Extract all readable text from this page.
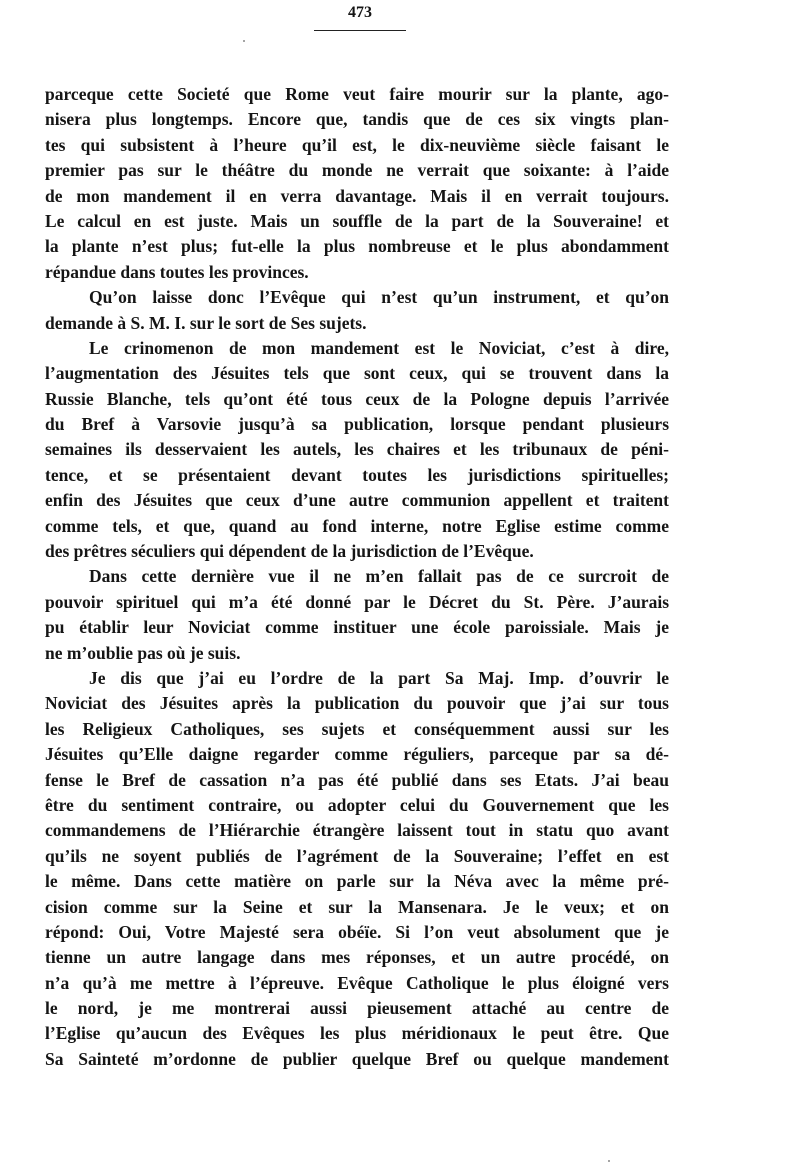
473
parceque cette Societé que Rome veut faire mourir sur la plante, ago-
nisera plus longtemps. Encore que, tandis que de ces six vingts plan-
tes qui subsistent à l’heure qu’il est, le dix-neuvième siècle faisant le
premier pas sur le théâtre du monde ne verrait que soixante: à l’aide
de mon mandement il en verra davantage. Mais il en verrait toujours.
Le calcul en est juste. Mais un souffle de la part de la Souveraine! et
la plante n’est plus; fut-elle la plus nombreuse et le plus abondamment
répandue dans toutes les provinces.
Qu’on laisse donc l’Evêque qui n’est qu’un instrument, et qu’on
demande à S. M. I. sur le sort de Ses sujets.
Le crinomenon de mon mandement est le Noviciat, c’est à dire,
l’augmentation des Jésuites tels que sont ceux, qui se trouvent dans la
Russie Blanche, tels qu’ont été tous ceux de la Pologne depuis l’arrivée
du Bref à Varsovie jusqu’à sa publication, lorsque pendant plusieurs
semaines ils desservaient les autels, les chaires et les tribunaux de péni-
tence, et se présentaient devant toutes les jurisdictions spirituelles;
enfin des Jésuites que ceux d’une autre communion appellent et traitent
comme tels, et que, quand au fond interne, notre Eglise estime comme
des prêtres séculiers qui dépendent de la jurisdiction de l’Evêque.
Dans cette dernière vue il ne m’en fallait pas de ce surcroit de
pouvoir spirituel qui m’a été donné par le Décret du St. Père. J’aurais
pu établir leur Noviciat comme instituer une école paroissiale. Mais je
ne m’oublie pas où je suis.
Je dis que j’ai eu l’ordre de la part Sa Maj. Imp. d’ouvrir le
Noviciat des Jésuites après la publication du pouvoir que j’ai sur tous
les Religieux Catholiques, ses sujets et conséquemment aussi sur les
Jésuites qu’Elle daigne regarder comme réguliers, parceque par sa dé-
fense le Bref de cassation n’a pas été publié dans ses Etats. J’ai beau
être du sentiment contraire, ou adopter celui du Gouvernement que les
commandemens de l’Hiérarchie étrangère laissent tout in statu quo avant
qu’ils ne soyent publiés de l’agrément de la Souveraine; l’effet en est
le même. Dans cette matière on parle sur la Néva avec la même pré-
cision comme sur la Seine et sur la Mansenara. Je le veux; et on
répond: Oui, Votre Majesté sera obéïe. Si l’on veut absolument que je
tienne un autre langage dans mes réponses, et un autre procédé, on
n’a qu’à me mettre à l’épreuve. Evêque Catholique le plus éloigné vers
le nord, je me montrerai aussi pieusement attaché au centre de
l’Eglise qu’aucun des Evêques les plus méridionaux le peut être. Que
Sa Sainteté m’ordonne de publier quelque Bref ou quelque mandement
